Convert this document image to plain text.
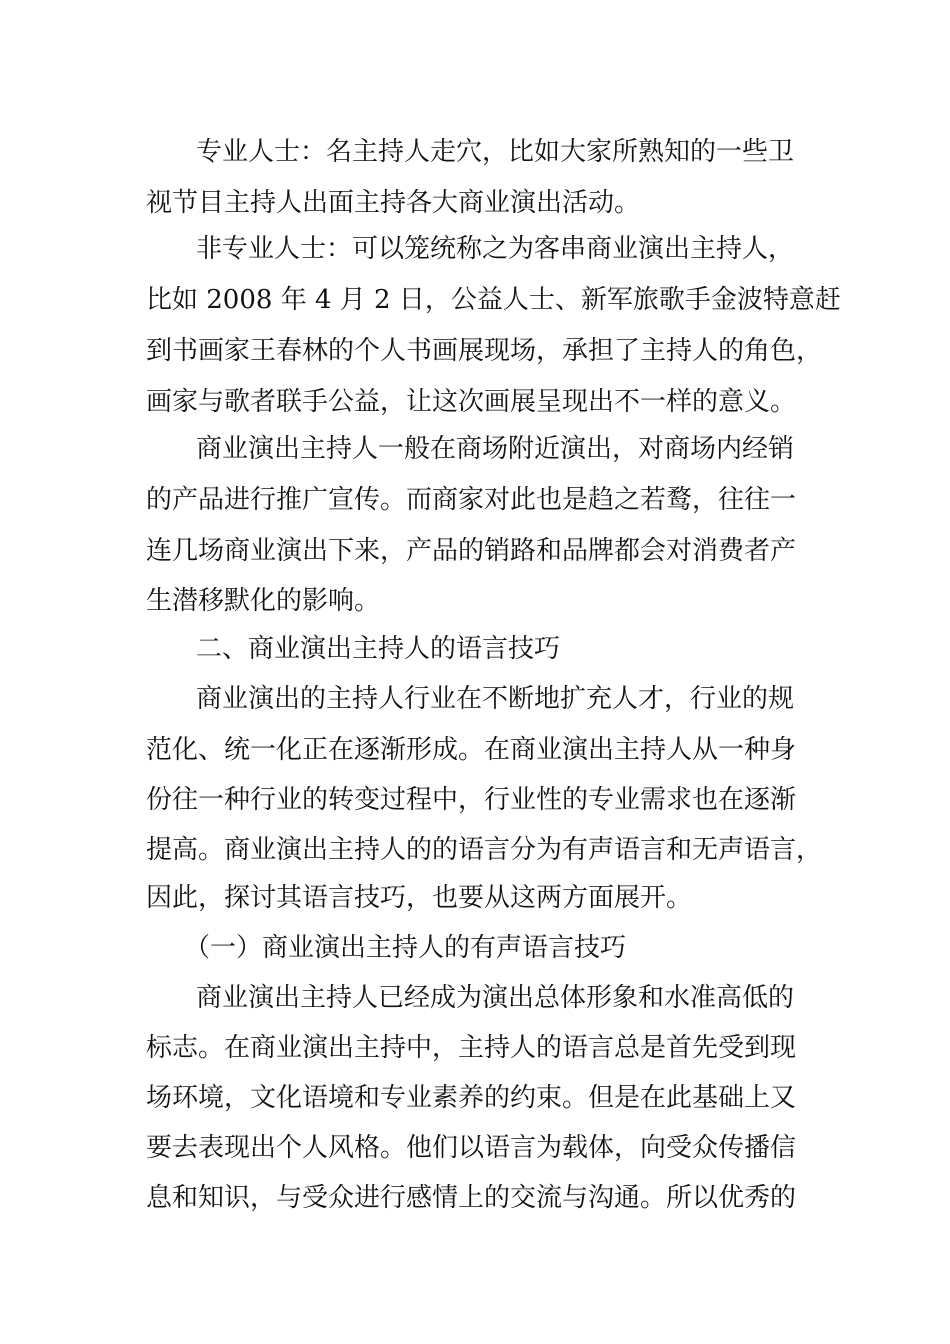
专业人士：名主持人走穴，比如大家所熟知的一些卫

视节目主持人出面主持各大商业演出活动。

非专业人士：可以笼统称之为客串商业演出主持人，

比如 2008 年 4 月 2 日，公益人士、新军旅歌手金波特意赶

到书画家王春林的个人书画展现场，承担了主持人的角色，

画家与歌者联手公益，让这次画展呈现出不一样的意义。

商业演出主持人一般在商场附近演出，对商场内经销

的产品进行推广宣传。而商家对此也是趋之若鹜，往往一

连几场商业演出下来，产品的销路和品牌都会对消费者产

生潜移默化的影响。

二、商业演出主持人的语言技巧

商业演出的主持人行业在不断地扩充人才，行业的规

范化、统一化正在逐渐形成。在商业演出主持人从一种身

份往一种行业的转变过程中，行业性的专业需求也在逐渐

提高。商业演出主持人的的语言分为有声语言和无声语言，

因此，探讨其语言技巧，也要从这两方面展开。

（一）商业演出主持人的有声语言技巧

商业演出主持人已经成为演出总体形象和水准高低的

标志。在商业演出主持中，主持人的语言总是首先受到现

场环境，文化语境和专业素养的约束。但是在此基础上又

要去表现出个人风格。他们以语言为载体，向受众传播信

息和知识，与受众进行感情上的交流与沟通。所以优秀的
